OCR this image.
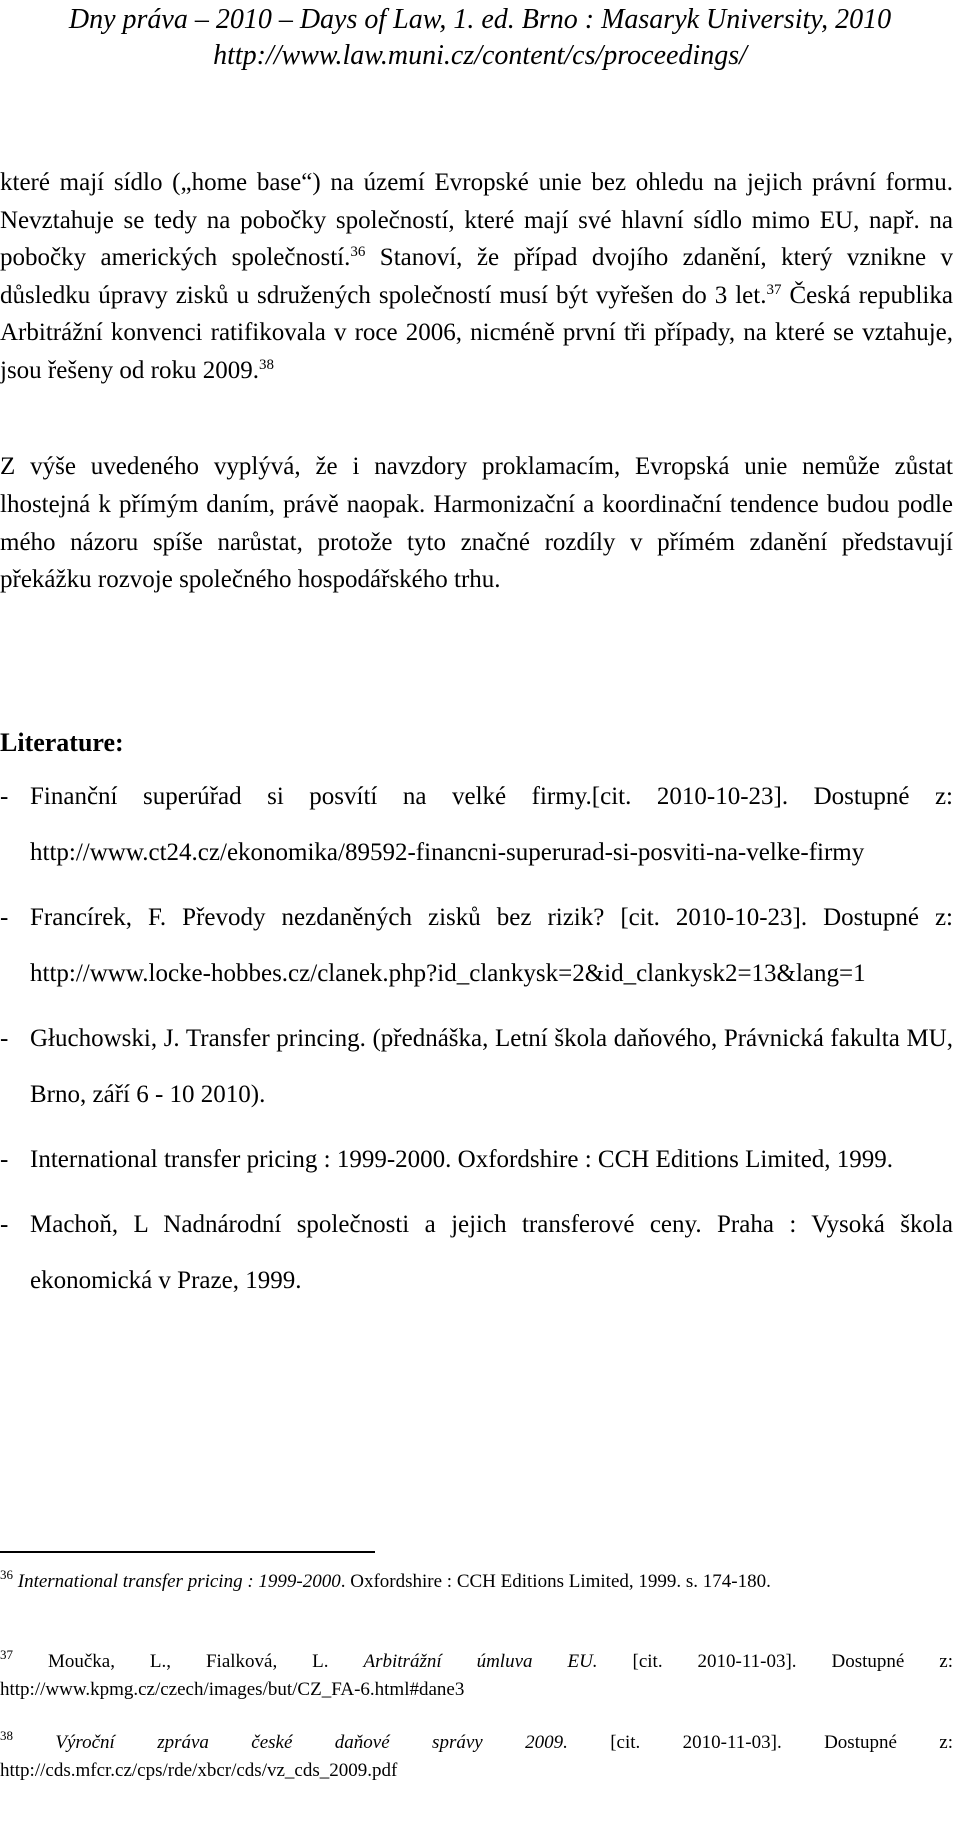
Dny práva – 2010 – Days of Law, 1. ed. Brno : Masaryk University, 2010
http://www.law.muni.cz/content/cs/proceedings/
které mají sídlo („home base“) na území Evropské unie bez ohledu na jejich právní formu. Nevztahuje se tedy na pobočky společností, které mají své hlavní sídlo mimo EU, např. na pobočky amerických společností.$^{36}$ Stanoví, že případ dvojího zdanění, který vznikne v důsledku úpravy zisků u sdružených společností musí být vyřešen do 3 let.$^{37}$ Česká republika Arbitrážní konvenci ratifikovala v roce 2006, nicméně první tři případy, na které se vztahuje, jsou řešeny od roku 2009.38
Z výše uvedeného vyplývá, že i navzdory proklamacím, Evropská unie nemůže zůstat lhostejná k přímým daním, právě naopak. Harmonizační a koordinační tendence budou podle mého názoru spíše narůstat, protože tyto značné rozdíly v přímém zdanění představují překážku rozvoje společného hospodářského trhu.
Literature:
- Finanční superúřad si posvítí na velké firmy.[cit. 2010-10-23]. Dostupné z: http://www.ct24.cz/ekonomika/89592-financni-superurad-si-posviti-na-velke-firmy
- Francírek, F. Převody nezdaněných zisků bez rizik? [cit. 2010-10-23]. Dostupné z: http://www.locke-hobbes.cz/clanek.php?id_clankysk=2&id_clankysk2=13&lang=1
- Głuchowski, J. Transfer princing. (přednáška, Letní škola daňového, Právnická fakulta MU, Brno, září 6 - 10 2010).
- International transfer pricing : 1999-2000. Oxfordshire : CCH Editions Limited, 1999.
- Machoň, L Nadnárodní společnosti a jejich transferové ceny. Praha : Vysoká škola ekonomická v Praze, 1999.
$^{36}$ International transfer pricing : 1999-2000. Oxfordshire : CCH Editions Limited, 1999. s. 174-180.
$^{37}$ Moučka, L., Fialková, L. Arbitrážní úmluva EU. [cit. 2010-11-03]. Dostupné z: http://www.kpmg.cz/czech/images/but/CZ_FA-6.html#dane3
$^{38}$ Výroční zpráva české daňové správy 2009. [cit. 2010-11-03]. Dostupné z: http://cds.mfcr.cz/cps/rde/xbcr/cds/vz_cds_2009.pdf
